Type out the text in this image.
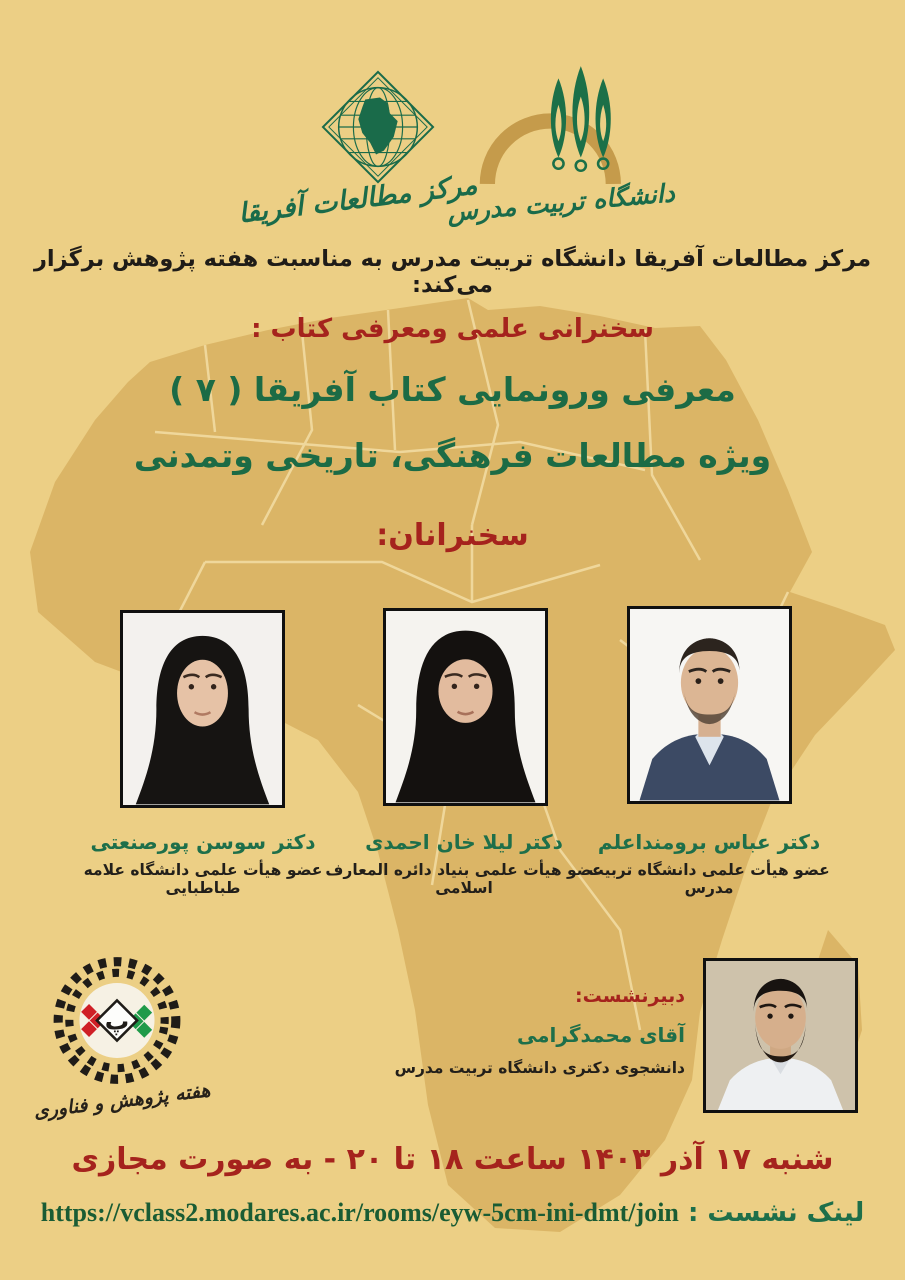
مرکز مطالعات آفریقا
دانشگاه تربیت مدرس
مرکز مطالعات آفریقا دانشگاه تربیت مدرس به مناسبت هفته پژوهش برگزار می‌کند:
سخنرانی علمی ومعرفی کتاب :
معرفی ورونمایی کتاب آفریقا ( ۷ )
ویژه مطالعات فرهنگی، تاریخی وتمدنی
سخنرانان:
دکتر سوسن پورصنعتی
عضو هیأت علمی دانشگاه علامه طباطبایی
دکتر لیلا خان احمدی
عضو هیأت علمی بنیاد دائره المعارف اسلامی
دکتر عباس برومنداعلم
عضو هیأت علمی دانشگاه تربیت مدرس
پ
هفته پژوهش و فناوری
دبیرنشست:
آقای محمدگرامی
دانشجوی دکتری دانشگاه تربیت مدرس
شنبه ۱۷ آذر ۱۴۰۳ ساعت ۱۸ تا ۲۰ - به صورت مجازی
لینک نشست : https://vclass2.modares.ac.ir/rooms/eyw-5cm-ini-dmt/join
